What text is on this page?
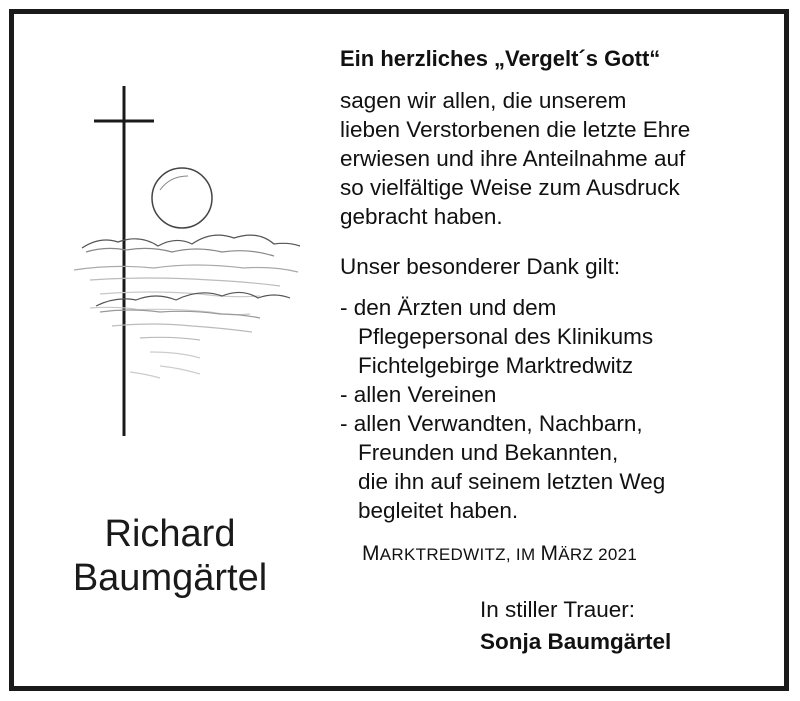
Richard
Baumgärtel
Ein herzliches „Vergelt´s Gott“

sagen wir allen, die unserem
lieben Verstorbenen die letzte Ehre
erwiesen und ihre Anteilnahme auf
so vielfältige Weise zum Ausdruck
gebracht haben.

Unser besonderer Dank gilt:

- den Ärzten und dem
Pflegepersonal des Klinikums
Fichtelgebirge Marktredwitz
- allen Vereinen
- allen Verwandten, Nachbarn,
Freunden und Bekannten,
die ihn auf seinem letzten Weg
begleitet haben.
MARKTREDWITZ, IM MÄRZ 2021
In stiller Trauer:
Sonja Baumgärtel
